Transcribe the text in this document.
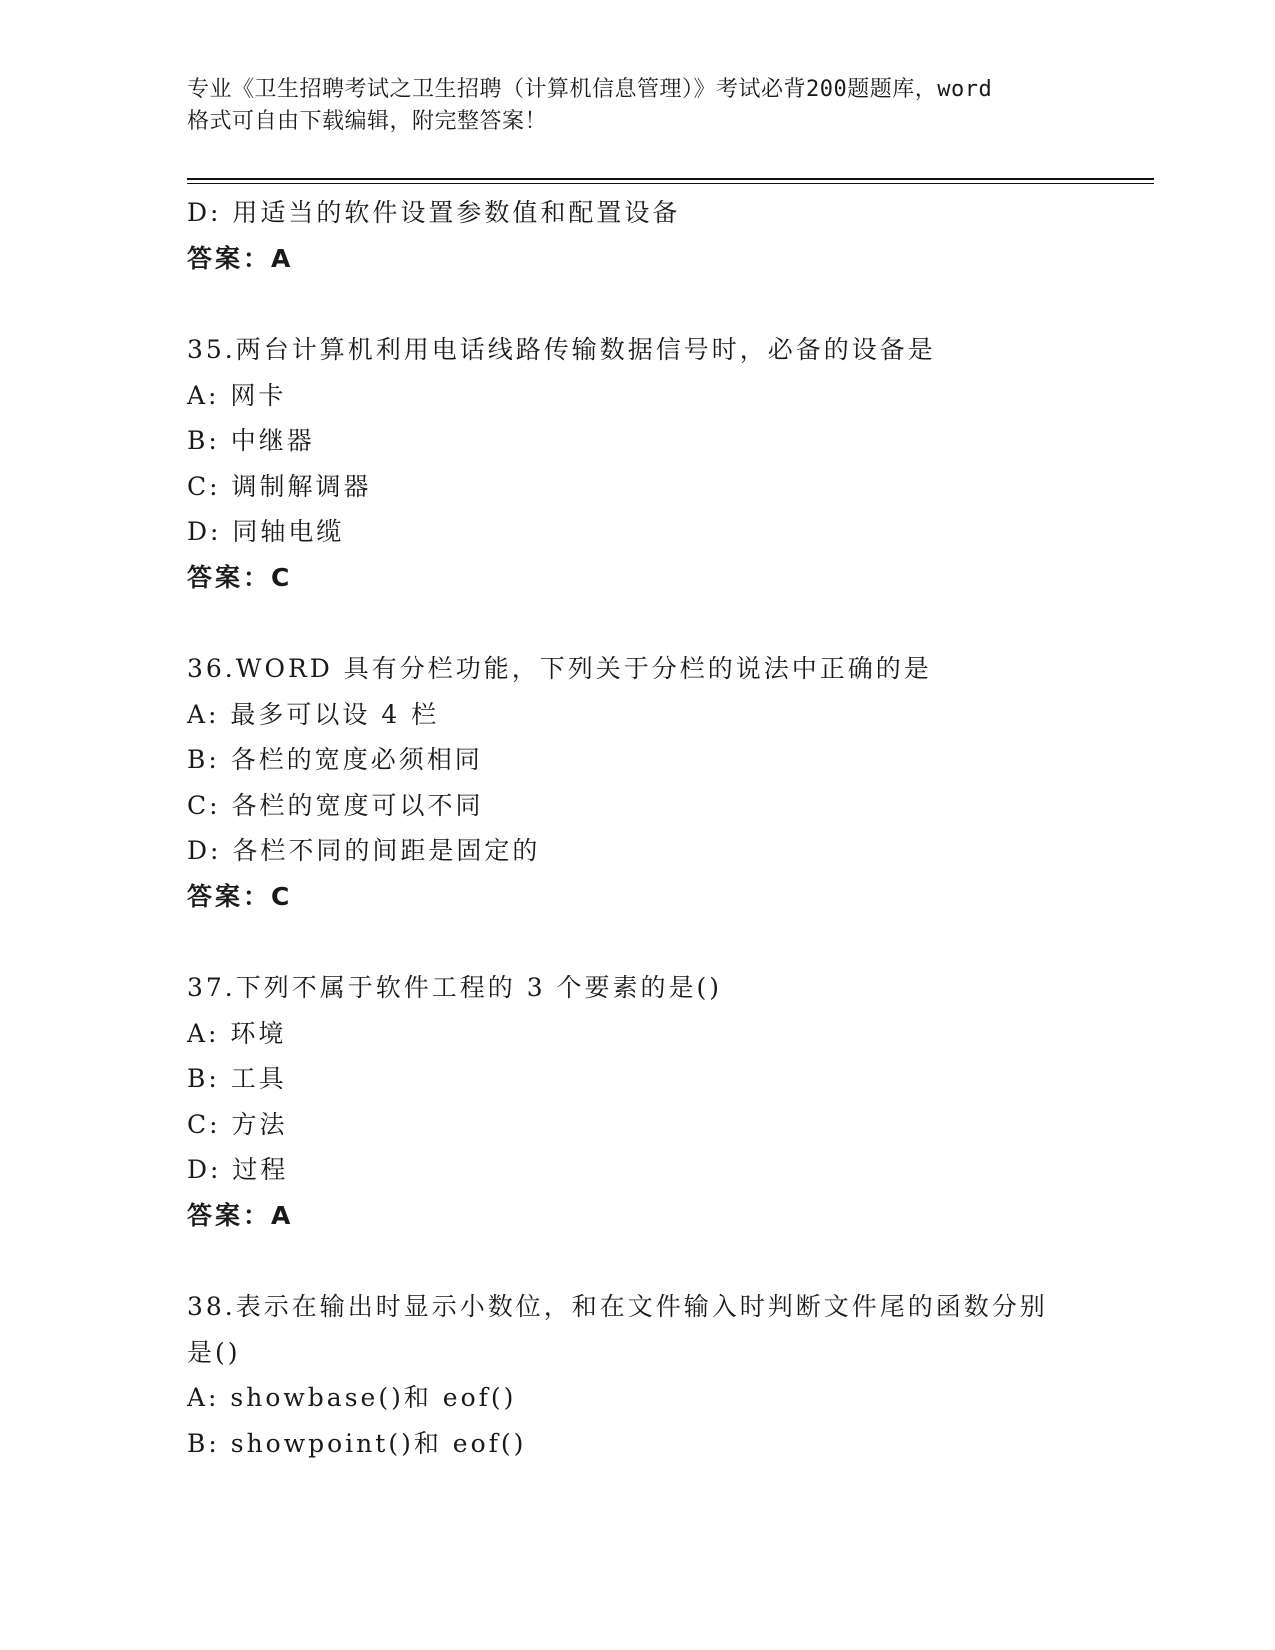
专业《卫生招聘考试之卫生招聘（计算机信息管理）》考试必背200题题库，word
格式可自由下载编辑，附完整答案！
D: 用适当的软件设置参数值和配置设备
答案：A
35.两台计算机利用电话线路传输数据信号时，必备的设备是
A: 网卡
B: 中继器
C: 调制解调器
D: 同轴电缆
答案：C
36.WORD 具有分栏功能，下列关于分栏的说法中正确的是
A: 最多可以设 4 栏
B: 各栏的宽度必须相同
C: 各栏的宽度可以不同
D: 各栏不同的间距是固定的
答案：C
37.下列不属于软件工程的 3 个要素的是()
A: 环境
B: 工具
C: 方法
D: 过程
答案：A
38.表示在输出时显示小数位，和在文件输入时判断文件尾的函数分别
是()
A: showbase()和 eof()
B: showpoint()和 eof()
